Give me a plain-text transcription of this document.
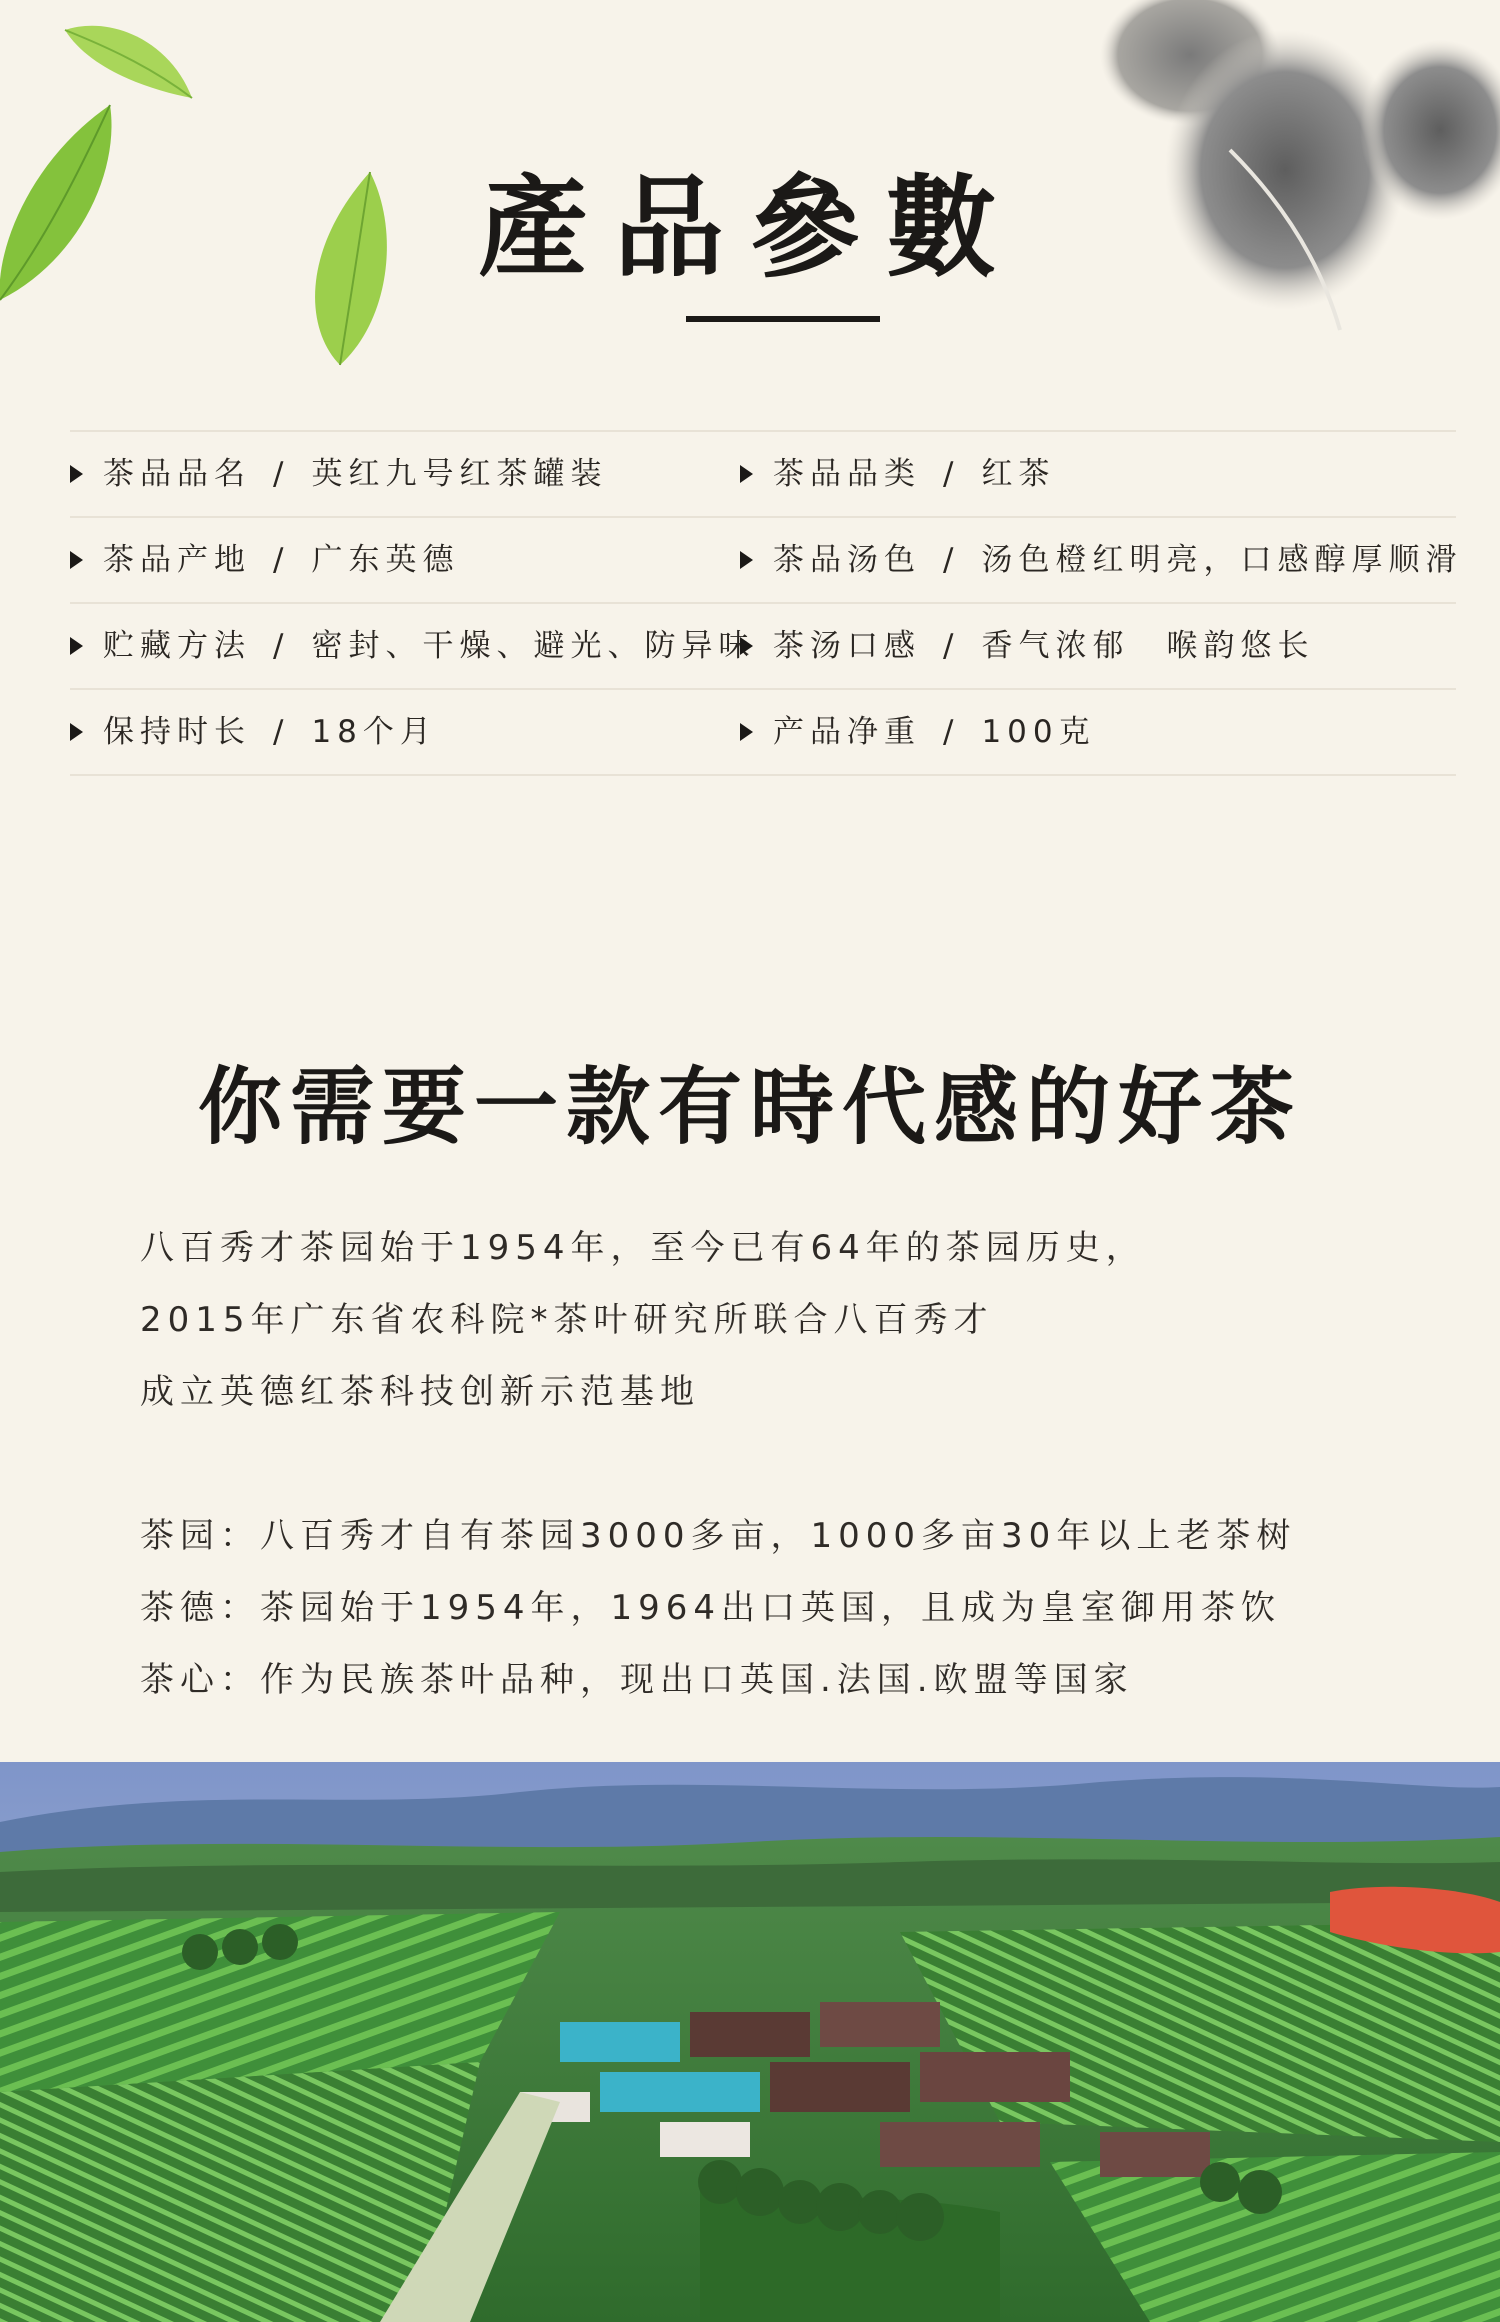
產品參數
茶品品名 / 英红九号红茶罐装	茶品品类 / 红茶
茶品产地 / 广东英德	茶品汤色 / 汤色橙红明亮，口感醇厚顺滑
贮藏方法 / 密封、干燥、避光、防异味 茶汤口感 / 香气浓郁　喉韵悠长
保持时长 / 18个月	产品净重 / 100克
你需要一款有時代感的好茶
八百秀才茶园始于1954年，至今已有64年的茶园历史，
2015年广东省农科院*茶叶研究所联合八百秀才
成立英德红茶科技创新示范基地
茶园：八百秀才自有茶园3000多亩，1000多亩30年以上老茶树
茶德：茶园始于1954年，1964出口英国，且成为皇室御用茶饮
茶心：作为民族茶叶品种，现出口英国.法国.欧盟等国家
